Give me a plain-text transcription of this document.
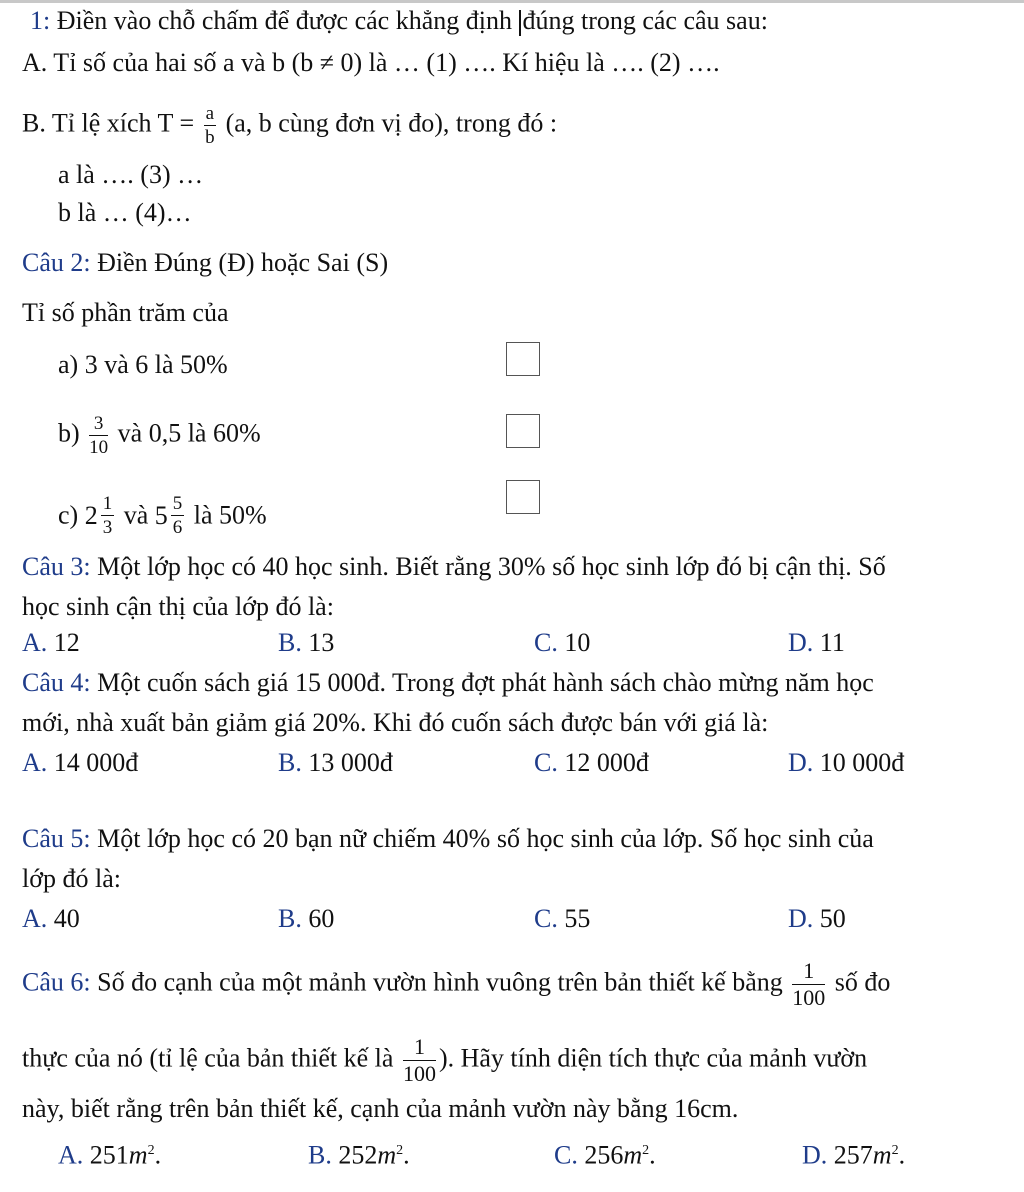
1: Điền vào chỗ chấm để được các khẳng định đúng trong các câu sau:
A. Tỉ số của hai số a và b (b ≠ 0) là … (1) …. Kí hiệu là …. (2) ….
B. Tỉ lệ xích $T = \frac{a}{b} (a$, b cùng đơn vị đo), trong đó :
a là …. (3) …
b là … (4)…
Câu 2: Điền Đúng (Đ) hoặc Sai (S)
Tỉ số phần trăm của
a) 3 và 6 là 50%
$b) \frac{3}{10}$ và 0,5 là 60%
c) $2 \frac{1}{3}$ và $5 \frac{5}{6}$ là 50%
Câu 3: Một lớp học có 40 học sinh. Biết rằng 30% số học sinh lớp đó bị cận thị. Số
học sinh cận thị của lớp đó là:
A. 12	B. 13	C. 10	D. 11
Câu 4: Một cuốn sách giá 15 000đ. Trong đợt phát hành sách chào mừng năm học
mới, nhà xuất bản giảm giá 20%. Khi đó cuốn sách được bán với giá là:
A. 14 000đ	B. 13 000đ	C. 12 000đ	D. 10 000đ
Câu 5: Một lớp học có 20 bạn nữ chiếm 40% số học sinh của lớp. Số học sinh của
lớp đó là:
A. 40	B. 60	C. 55	D. 50
Câu 6: Số đo cạnh của một mảnh vườn hình vuông trên bản thiết kế bằng $\frac{1}{100}$ số đo
thực của nó (tỉ lệ của bản thiết kế là $\frac{1}{100}$ ). Hãy tính diện tích thực của mảnh vườn
này, biết rằng trên bản thiết kế, cạnh của mảnh vườn này bằng 16cm.
A. $251m^2$.	B. $252m^2$.	C. $256m^2$.	D. $257m^2$.
